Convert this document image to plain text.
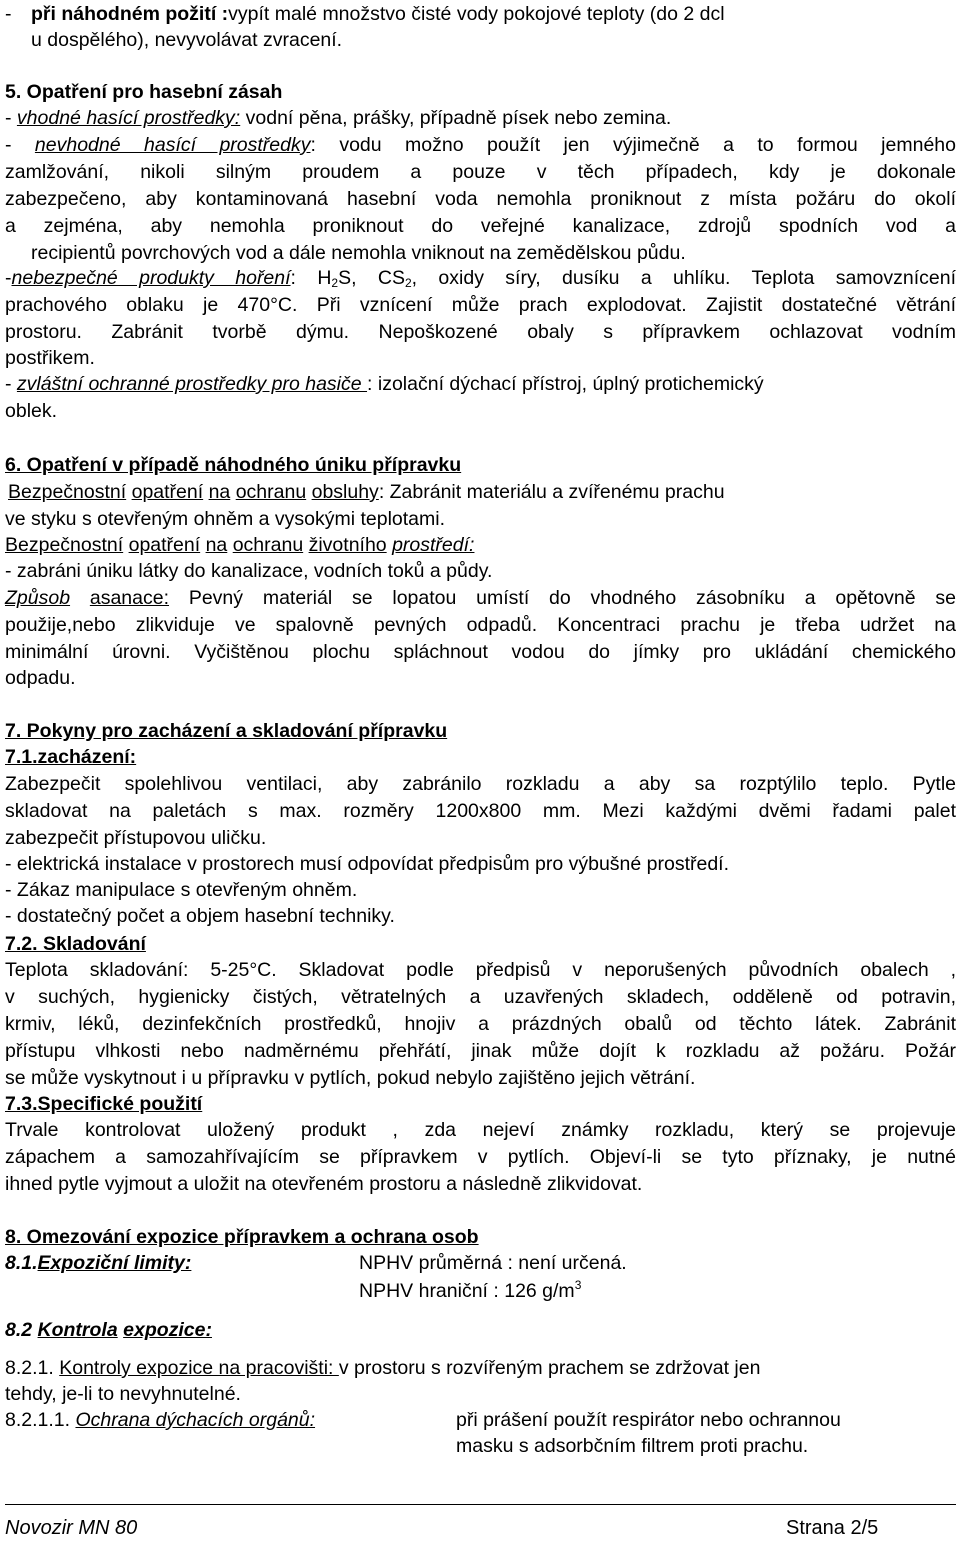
- při náhodném požití :vypít malé množstvo čisté vody pokojové teploty (do 2 dcl
u dospělého), nevyvolávat zvracení.
5. Opatření pro hasební zásah
- vhodné hasící prostředky: vodní pěna, prášky, případně písek nebo zemina.
- nevhodné hasící prostředky: vodu možno použít jen výjimečně a to formou jemného
zamlžování, nikoli silným proudem a pouze v těch případech, kdy je dokonale
zabezpečeno, aby kontaminovaná hasební voda nemohla proniknout z místa požáru do okolí
a zejména, aby nemohla proniknout do veřejné kanalizace, zdrojů spodních vod a
recipientů povrchových vod a dále nemohla vniknout na zemědělskou půdu.
-nebezpečné produkty hoření: $H_2S$, $CS_2$, oxidy síry, dusíku a uhlíku. Teplota samovznícení
prachového oblaku je 470°C. Při vznícení může prach explodovat. Zajistit dostatečné větrání
prostoru. Zabránit tvorbě dýmu. Nepoškozené obaly s přípravkem ochlazovat vodním
postřikem.
- zvláštní ochranné prostředky pro hasiče : izolační dýchací přístroj, úplný protichemický
oblek.
6. Opatření v případě náhodného úniku přípravku
Bezpečnostní opatření na ochranu obsluhy: Zabránit materiálu a zvířenému prachu
ve styku s otevřeným ohněm a vysokými teplotami.
Bezpečnostní opatření na ochranu životního prostředí:
- zabráni úniku látky do kanalizace, vodních toků a půdy.
Způsob asanace: Pevný materiál se lopatou umístí do vhodného zásobníku a opětovně se
použije,nebo zlikviduje ve spalovně pevných odpadů. Koncentraci prachu je třeba udržet na
minimální úrovni. Vyčištěnou plochu spláchnout vodou do jímky pro ukládání chemického
odpadu.
7. Pokyny pro zacházení a skladování přípravku
7.1.zacházení:
Zabezpečit spolehlivou ventilaci, aby zabránilo rozkladu a aby sa rozptýlilo teplo. Pytle
skladovat na paletách s max. rozměry 1200x800 mm. Mezi každými dvěmi řadami palet
zabezpečit přístupovou uličku.
- elektrická instalace v prostorech musí odpovídat předpisům pro výbušné prostředí.
- Zákaz manipulace s otevřeným ohněm.
- dostatečný počet a objem hasební techniky.
7.2. Skladování
Teplota skladování: 5-25°C. Skladovat podle předpisů v neporušených původních obalech ,
v suchých, hygienicky čistých, větratelných a uzavřených skladech, odděleně od potravin,
krmiv, léků, dezinfekčních prostředků, hnojiv a prázdných obalů od těchto látek. Zabránit
přístupu vlhkosti nebo nadměrnému přehřátí, jinak může dojít k rozkladu až požáru. Požár
se může vyskytnout i u přípravku v pytlích, pokud nebylo zajištěno jejich větrání.
7.3.Specifické použití
Trvale kontrolovat uložený produkt , zda nejeví známky rozkladu, který se projevuje
zápachem a samozahřívajícím se přípravkem v pytlích. Objeví-li se tyto příznaky, je nutné
ihned pytle vyjmout a uložit na otevřeném prostoru a následně zlikvidovat.
8. Omezování expozice přípravkem a ochrana osob
8.1.Expoziční limity:	NPHV průměrná : není určená.
NPHV hraniční : 126 $g/m^3$
8.2 Kontrola expozice:
8.2.1. Kontroly expozice na pracovišti: v prostoru s rozvířeným prachem se zdržovat jen
tehdy, je-li to nevyhnutelné.
8.2.1.1. Ochrana dýchacích orgánů:	při prášení použít respirátor nebo ochrannou
masku s adsorbčním filtrem proti prachu.
Novozir MN 80	Strana 2/5
